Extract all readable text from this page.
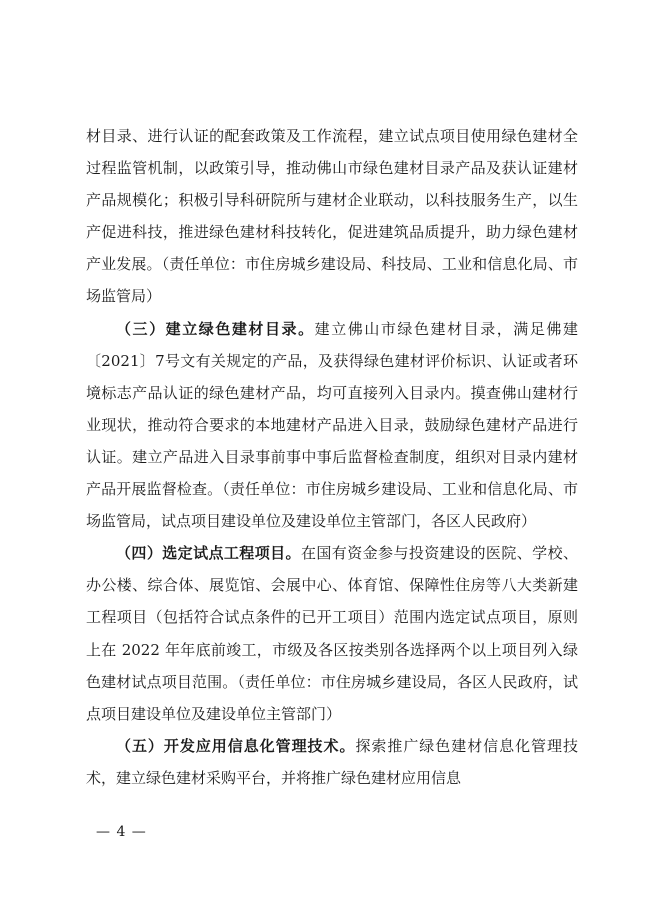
材目录、进行认证的配套政策及工作流程，建立试点项目使用绿色建材全过程监管机制，以政策引导，推动佛山市绿色建材目录产品及获认证建材产品规模化；积极引导科研院所与建材企业联动，以科技服务生产，以生产促进科技，推进绿色建材科技转化，促进建筑品质提升，助力绿色建材产业发展。（责任单位：市住房城乡建设局、科技局、工业和信息化局、市场监管局）

（三）建立绿色建材目录。建立佛山市绿色建材目录，满足佛建〔2021〕7号文有关规定的产品，及获得绿色建材评价标识、认证或者环境标志产品认证的绿色建材产品，均可直接列入目录内。摸查佛山建材行业现状，推动符合要求的本地建材产品进入目录，鼓励绿色建材产品进行认证。建立产品进入目录事前事中事后监督检查制度，组织对目录内建材产品开展监督检查。（责任单位：市住房城乡建设局、工业和信息化局、市场监管局，试点项目建设单位及建设单位主管部门，各区人民政府）

（四）选定试点工程项目。在国有资金参与投资建设的医院、学校、办公楼、综合体、展览馆、会展中心、体育馆、保障性住房等八大类新建工程项目（包括符合试点条件的已开工项目）范围内选定试点项目，原则上在 2022 年年底前竣工，市级及各区按类别各选择两个以上项目列入绿色建材试点项目范围。（责任单位：市住房城乡建设局，各区人民政府，试点项目建设单位及建设单位主管部门）

（五）开发应用信息化管理技术。探索推广绿色建材信息化管理技术，建立绿色建材采购平台，并将推广绿色建材应用信息

— 4 —
